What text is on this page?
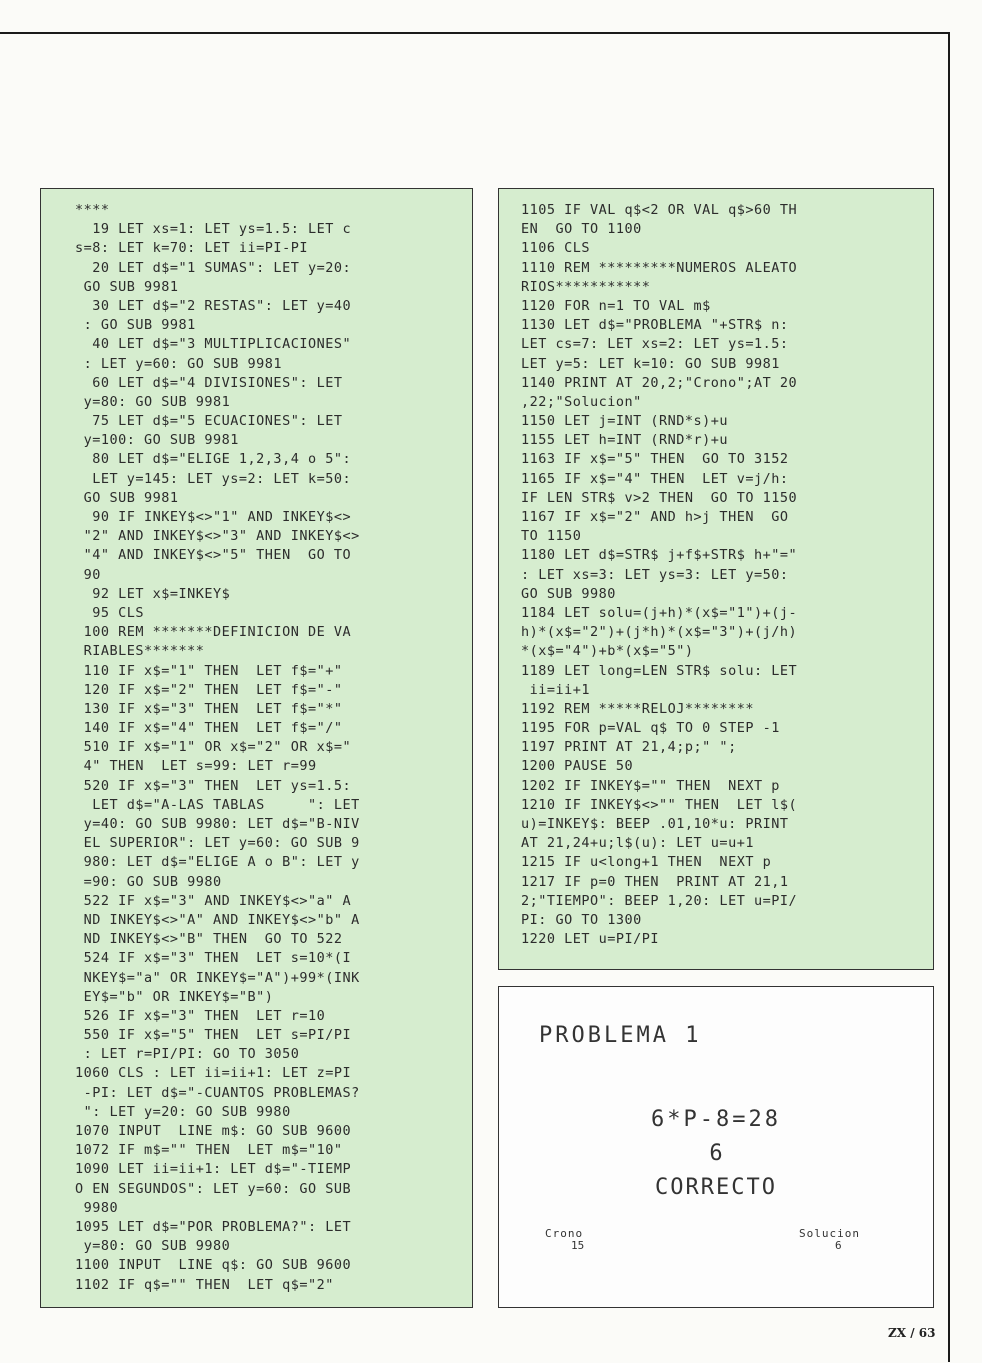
****
19 LET xs=1: LET ys=1.5: LET c
s=8: LET k=70: LET ii=PI-PI
20 LET d$="1 SUMAS": LET y=20:
GO SUB 9981
30 LET d$="2 RESTAS": LET y=40
: GO SUB 9981
40 LET d$="3 MULTIPLICACIONES"
: LET y=60: GO SUB 9981
60 LET d$="4 DIVISIONES": LET
y=80: GO SUB 9981
75 LET d$="5 ECUACIONES": LET
y=100: GO SUB 9981
80 LET d$="ELIGE 1,2,3,4 o 5":
LET y=145: LET ys=2: LET k=50:
GO SUB 9981
90 IF INKEY$<>"1" AND INKEY$<>
"2" AND INKEY$<>"3" AND INKEY$<>
"4" AND INKEY$<>"5" THEN  GO TO
90
92 LET x$=INKEY$
95 CLS
100 REM *******DEFINICION DE VA
RIABLES*******
110 IF x$="1" THEN  LET f$="+"
120 IF x$="2" THEN  LET f$="-"
130 IF x$="3" THEN  LET f$="*"
140 IF x$="4" THEN  LET f$="/"
510 IF x$="1" OR x$="2" OR x$="
4" THEN  LET s=99: LET r=99
520 IF x$="3" THEN  LET ys=1.5:
LET d$="A-LAS TABLAS     ": LET
y=40: GO SUB 9980: LET d$="B-NIV
EL SUPERIOR": LET y=60: GO SUB 9
980: LET d$="ELIGE A o B": LET y
=90: GO SUB 9980
522 IF x$="3" AND INKEY$<>"a" A
ND INKEY$<>"A" AND INKEY$<>"b" A
ND INKEY$<>"B" THEN  GO TO 522
524 IF x$="3" THEN  LET s=10*(I
NKEY$="a" OR INKEY$="A")+99*(INK
EY$="b" OR INKEY$="B")
526 IF x$="3" THEN  LET r=10
550 IF x$="5" THEN  LET s=PI/PI
: LET r=PI/PI: GO TO 3050
1060 CLS : LET ii=ii+1: LET z=PI
-PI: LET d$="-CUANTOS PROBLEMAS?
": LET y=20: GO SUB 9980
1070 INPUT  LINE m$: GO SUB 9600
1072 IF m$="" THEN  LET m$="10"
1090 LET ii=ii+1: LET d$="-TIEMP
O EN SEGUNDOS": LET y=60: GO SUB
9980
1095 LET d$="POR PROBLEMA?": LET
y=80: GO SUB 9980
1100 INPUT  LINE q$: GO SUB 9600
1102 IF q$="" THEN  LET q$="2"
1105 IF VAL q$<2 OR VAL q$>60 TH
EN  GO TO 1100
1106 CLS
1110 REM *********NUMEROS ALEATO
RIOS***********
1120 FOR n=1 TO VAL m$
1130 LET d$="PROBLEMA "+STR$ n:
LET cs=7: LET xs=2: LET ys=1.5:
LET y=5: LET k=10: GO SUB 9981
1140 PRINT AT 20,2;"Crono";AT 20
,22;"Solucion"
1150 LET j=INT (RND*s)+u
1155 LET h=INT (RND*r)+u
1163 IF x$="5" THEN  GO TO 3152
1165 IF x$="4" THEN  LET v=j/h:
IF LEN STR$ v>2 THEN  GO TO 1150
1167 IF x$="2" AND h>j THEN  GO
TO 1150
1180 LET d$=STR$ j+f$+STR$ h+"="
: LET xs=3: LET ys=3: LET y=50:
GO SUB 9980
1184 LET solu=(j+h)*(x$="1")+(j-
h)*(x$="2")+(j*h)*(x$="3")+(j/h)
*(x$="4")+b*(x$="5")
1189 LET long=LEN STR$ solu: LET
ii=ii+1
1192 REM *****RELOJ********
1195 FOR p=VAL q$ TO 0 STEP -1
1197 PRINT AT 21,4;p;" ";
1200 PAUSE 50
1202 IF INKEY$="" THEN  NEXT p
1210 IF INKEY$<>"" THEN  LET l$(
u)=INKEY$: BEEP .01,10*u: PRINT
AT 21,24+u;l$(u): LET u=u+1
1215 IF u<long+1 THEN  NEXT p
1217 IF p=0 THEN  PRINT AT 21,1
2;"TIEMPO": BEEP 1,20: LET u=PI/
PI: GO TO 1300
1220 LET u=PI/PI
PROBLEMA 1
6*P-8=28
6
CORRECTO
Crono
15
Solucion
6
ZX / 63
